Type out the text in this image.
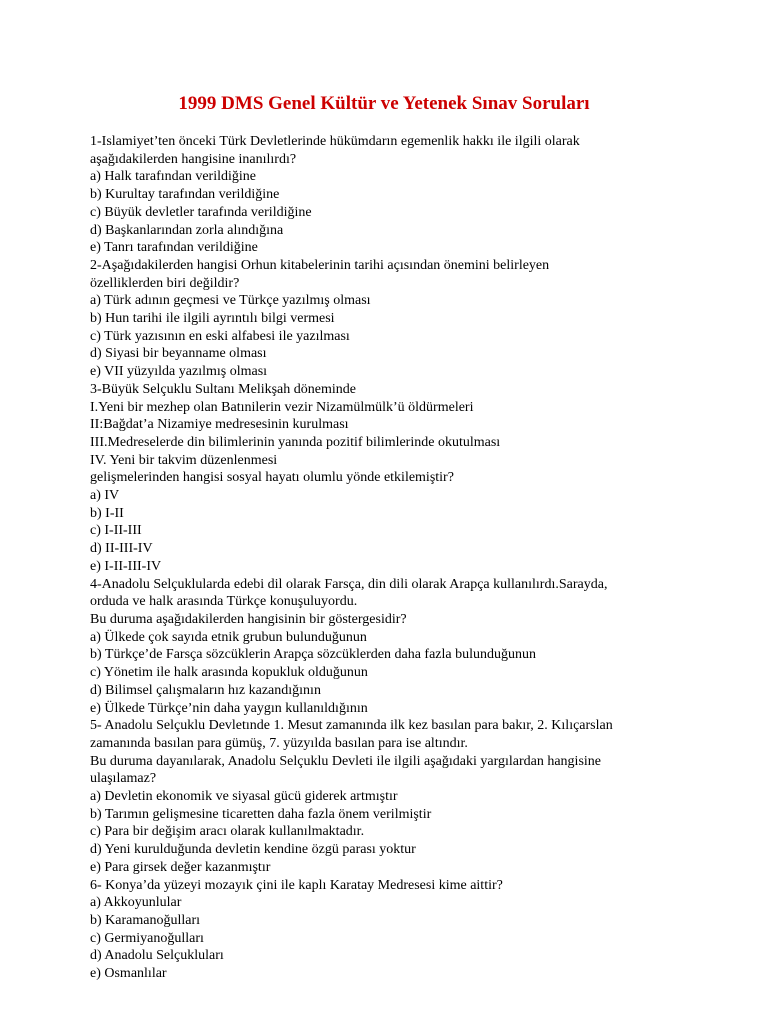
1999 DMS Genel Kültür ve Yetenek Sınav Soruları
1-Islamiyet’ten önceki Türk Devletlerinde hükümdarın egemenlik hakkı ile ilgili olarak
aşağıdakilerden hangisine inanılırdı?
a) Halk tarafından verildiğine
b) Kurultay tarafından verildiğine
c) Büyük devletler tarafında verildiğine
d) Başkanlarından zorla alındığına
e) Tanrı tarafından verildiğine
2-Aşağıdakilerden hangisi Orhun kitabelerinin tarihi açısından önemini belirleyen
özelliklerden biri değildir?
a) Türk adının geçmesi ve Türkçe yazılmış olması
b) Hun tarihi ile ilgili ayrıntılı bilgi vermesi
c) Türk yazısının en eski alfabesi ile yazılması
d) Siyasi bir beyanname olması
e) VII yüzyılda yazılmış olması
3-Büyük Selçuklu Sultanı Melikşah döneminde
I.Yeni bir mezhep olan Batınilerin vezir Nizamülmülk’ü öldürmeleri
II:Bağdat’a Nizamiye medresesinin kurulması
III.Medreselerde din bilimlerinin yanında pozitif bilimlerinde okutulması
IV. Yeni bir takvim düzenlenmesi
gelişmelerinden hangisi sosyal hayatı olumlu yönde etkilemiştir?
a) IV
b) I-II
c) I-II-III
d) II-III-IV
e) I-II-III-IV
4-Anadolu Selçuklularda edebi dil olarak Farsça, din dili olarak Arapça kullanılırdı.Sarayda,
orduda ve halk arasında Türkçe konuşuluyordu.
Bu duruma aşağıdakilerden hangisinin bir göstergesidir?
a) Ülkede çok sayıda etnik grubun bulunduğunun
b) Türkçe’de Farsça sözcüklerin Arapça sözcüklerden daha fazla bulunduğunun
c) Yönetim ile halk arasında kopukluk olduğunun
d) Bilimsel çalışmaların hız kazandığının
e) Ülkede Türkçe’nin daha yaygın kullanıldığının
5- Anadolu Selçuklu Devletınde 1. Mesut zamanında ilk kez basılan para bakır, 2. Kılıçarslan
zamanında basılan para gümüş, 7. yüzyılda basılan para ise altındır.
Bu duruma dayanılarak, Anadolu Selçuklu Devleti ile ilgili aşağıdaki yargılardan hangisine
ulaşılamaz?
a) Devletin ekonomik ve siyasal gücü giderek artmıştır
b) Tarımın gelişmesine ticaretten daha fazla önem verilmiştir
c) Para bir değişim aracı olarak kullanılmaktadır.
d) Yeni kurulduğunda devletin kendine özgü parası yoktur
e) Para girsek değer kazanmıştır
6- Konya’da yüzeyi mozayık çini ile kaplı Karatay Medresesi kime aittir?
a) Akkoyunlular
b) Karamanoğulları
c) Germiyanoğulları
d) Anadolu Selçukluları
e) Osmanlılar
